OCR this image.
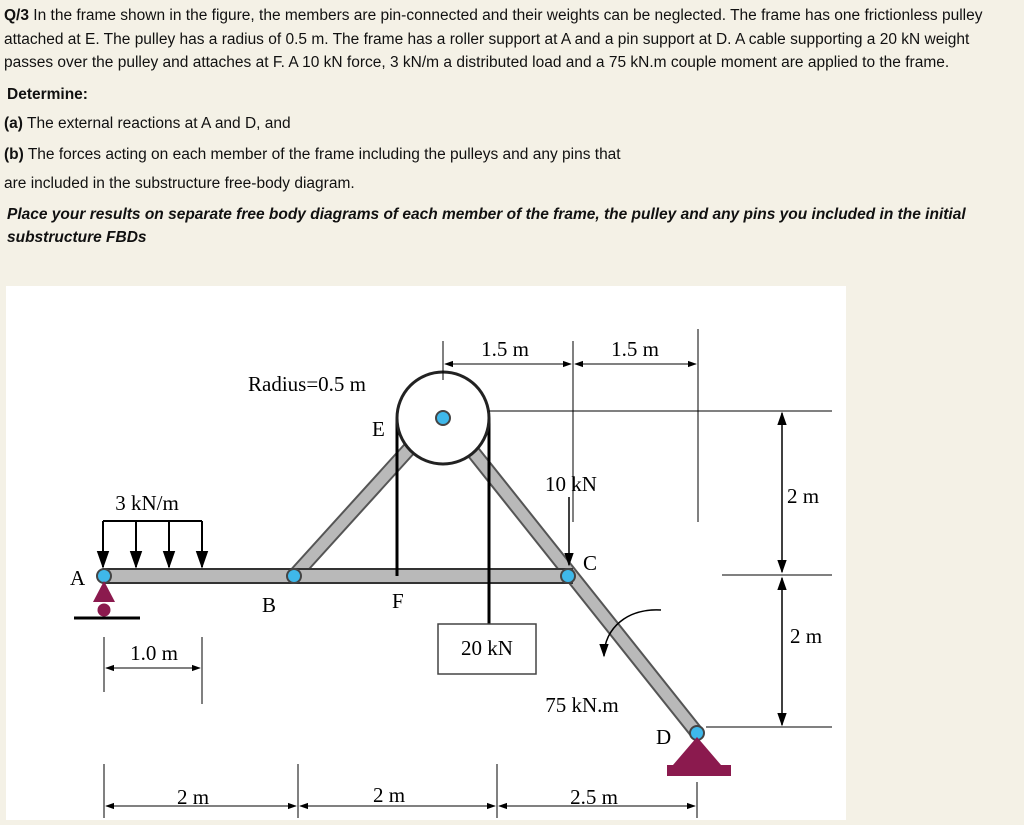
Q/3 In the frame shown in the figure, the members are pin-connected and their weights can be neglected. The frame has one frictionless pulley attached at E. The pulley has a radius of 0.5 m. The frame has a roller support at A and a pin support at D. A cable supporting a 20 kN weight passes over the pulley and attaches at F. A 10 kN force, 3 kN/m a distributed load and a 75 kN.m couple moment are applied to the frame.

Determine:

(a) The external reactions at A and D, and

(b) The forces acting on each member of the frame including the pulleys and any pins that

are included in the substructure free-body diagram.

Place your results on separate free body diagrams of each member of the frame, the pulley and any pins you included in the initial substructure FBDs

20 kN
3 kN/m
10 kN
75 kN.m
A
B
C
D
E
F
Radius=0.5 m
1.5 m	1.5 m
2 m
2 m
1.0 m
2 m	2 m	2.5 m
